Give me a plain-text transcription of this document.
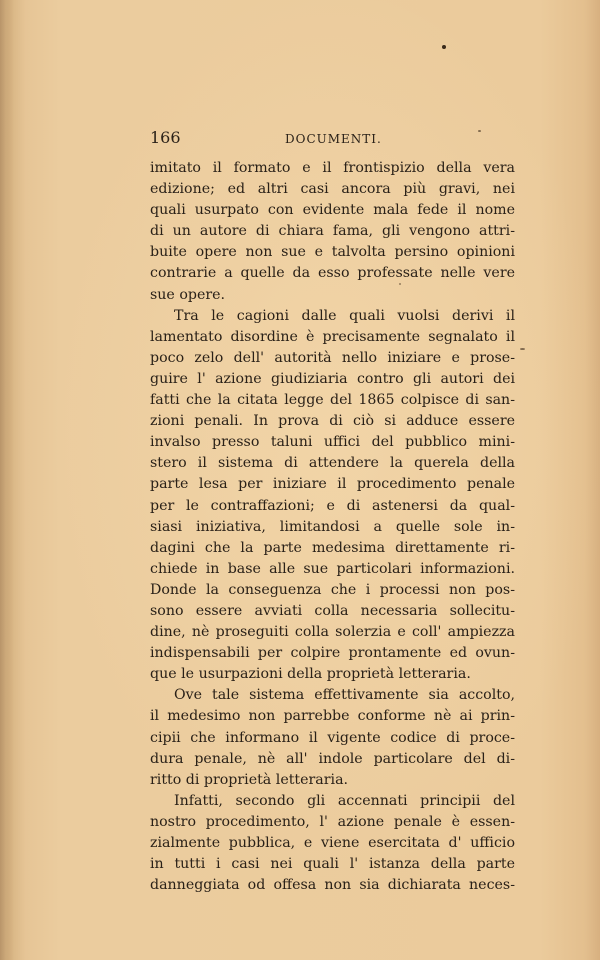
166	DOCUMENTI.
imitato il formato e il frontispizio della vera
edizione; ed altri casi ancora più gravi, nei
quali usurpato con evidente mala fede il nome
di un autore di chiara fama, gli vengono attri-
buite opere non sue e talvolta persino opinioni
contrarie a quelle da esso professate nelle vere
sue opere.
Tra le cagioni dalle quali vuolsi derivi il
lamentato disordine è precisamente segnalato il
poco zelo dell' autorità nello iniziare e prose-
guire l' azione giudiziaria contro gli autori dei
fatti che la citata legge del 1865 colpisce di san-
zioni penali. In prova di ciò si adduce essere
invalso presso taluni uffici del pubblico mini-
stero il sistema di attendere la querela della
parte lesa per iniziare il procedimento penale
per le contraffazioni; e di astenersi da qual-
siasi iniziativa, limitandosi a quelle sole in-
dagini che la parte medesima direttamente ri-
chiede in base alle sue particolari informazioni.
Donde la conseguenza che i processi non pos-
sono essere avviati colla necessaria sollecitu-
dine, nè proseguiti colla solerzia e coll' ampiezza
indispensabili per colpire prontamente ed ovun-
que le usurpazioni della proprietà letteraria.
Ove tale sistema effettivamente sia accolto,
il medesimo non parrebbe conforme nè ai prin-
cipii che informano il vigente codice di proce-
dura penale, nè all' indole particolare del di-
ritto di proprietà letteraria.
Infatti, secondo gli accennati principii del
nostro procedimento, l' azione penale è essen-
zialmente pubblica, e viene esercitata d' ufficio
in tutti i casi nei quali l' istanza della parte
danneggiata od offesa non sia dichiarata neces-
